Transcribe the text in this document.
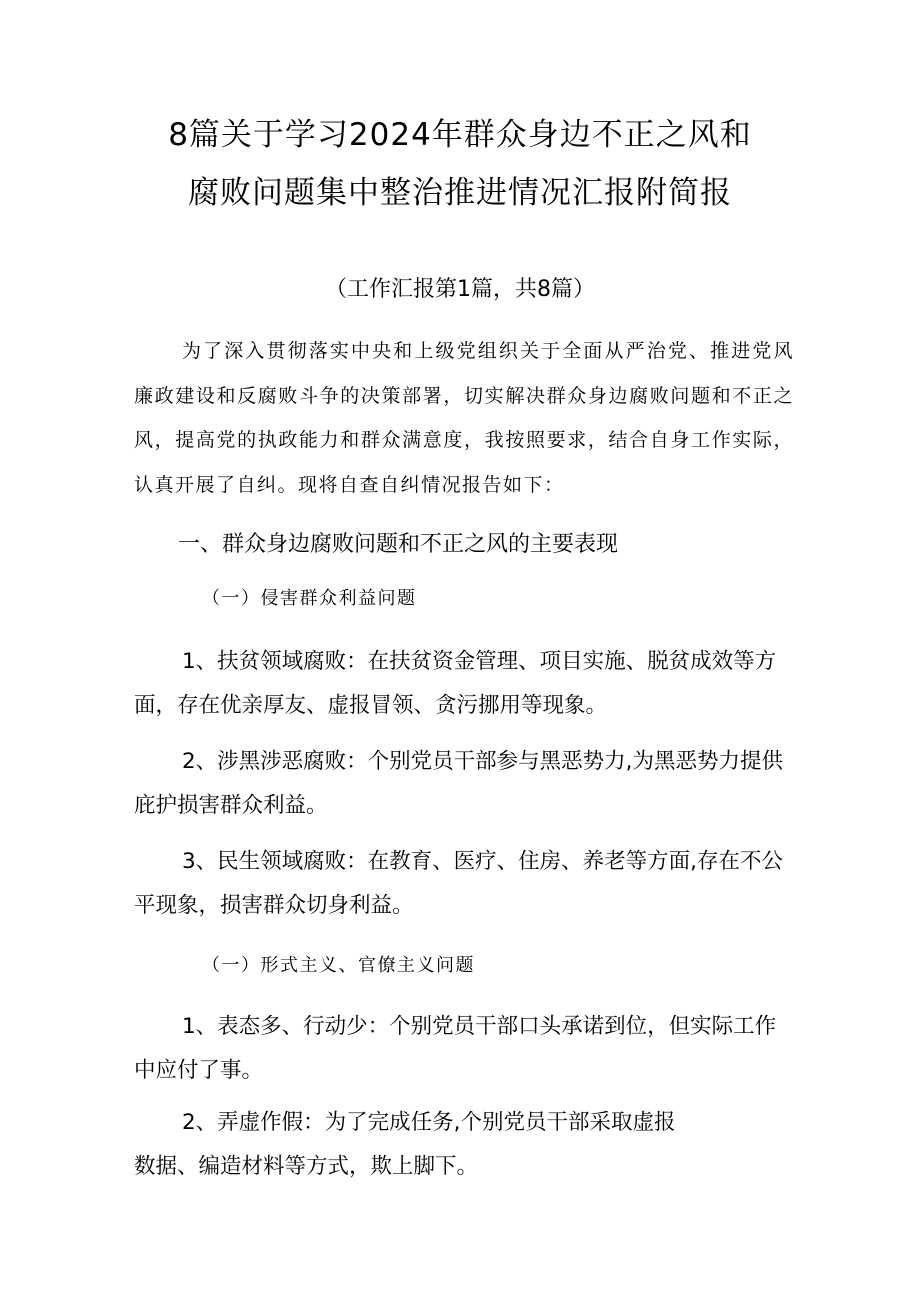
8篇关于学习2024年群众身边不正之风和
腐败问题集中整治推进情况汇报附简报
（工作汇报第1篇，共8篇）

为了深入贯彻落实中央和上级党组织关于全面从严治党、推进党风廉政建设和反腐败斗争的决策部署，切实解决群众身边腐败问题和不正之风，提高党的执政能力和群众满意度，我按照要求，结合自身工作实际，认真开展了自纠。现将自查自纠情况报告如下：

一、群众身边腐败问题和不正之风的主要表现
（一）侵害群众利益问题

1、扶贫领域腐败：在扶贫资金管理、项目实施、脱贫成效等方面，存在优亲厚友、虚报冒领、贪污挪用等现象。

2、涉黑涉恶腐败：个别党员干部参与黑恶势力,为黑恶势力提供庇护损害群众利益。

3、民生领域腐败：在教育、医疗、住房、养老等方面,存在不公平现象，损害群众切身利益。

（一）形式主义、官僚主义问题

1、表态多、行动少：个别党员干部口头承诺到位，但实际工作中应付了事。

2、弄虚作假：为了完成任务,个别党员干部采取虚报

数据、编造材料等方式，欺上脚下。
